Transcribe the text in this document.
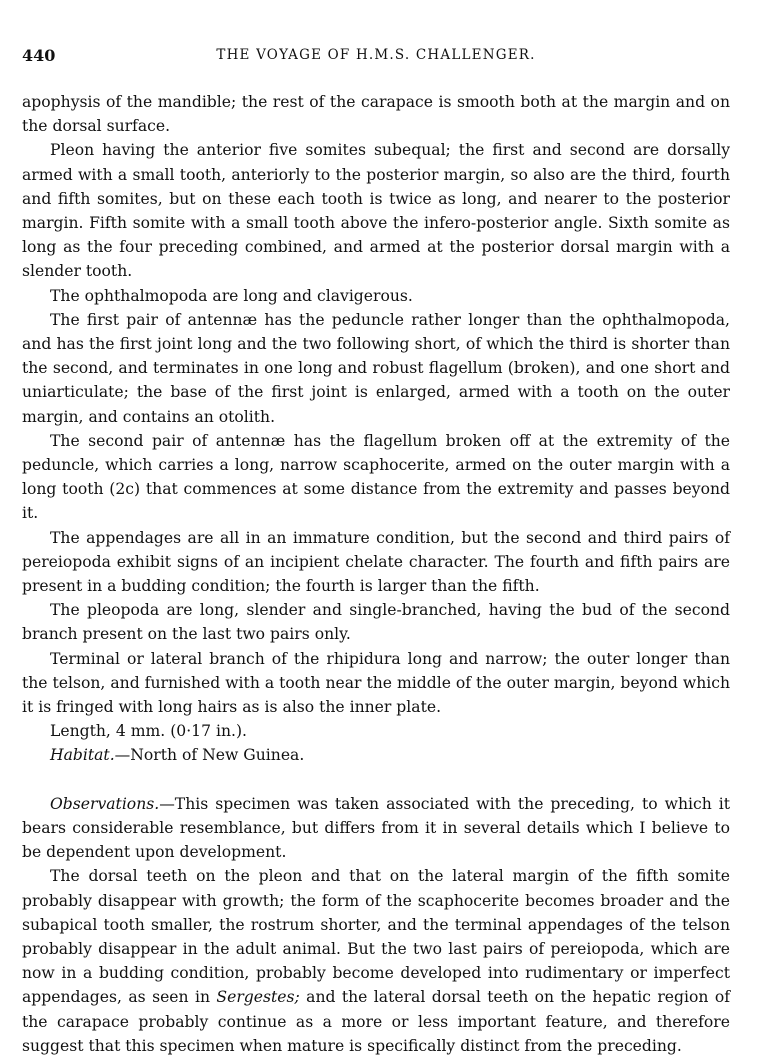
440	THE VOYAGE OF H.M.S. CHALLENGER.

apophysis of the mandible; the rest of the carapace is smooth both at the margin and on the dorsal surface.

Pleon having the anterior five somites subequal; the first and second are dorsally armed with a small tooth, anteriorly to the posterior margin, so also are the third, fourth and fifth somites, but on these each tooth is twice as long, and nearer to the posterior margin. Fifth somite with a small tooth above the infero-posterior angle. Sixth somite as long as the four preceding combined, and armed at the posterior dorsal margin with a slender tooth.

The ophthalmopoda are long and clavigerous.

The first pair of antennæ has the peduncle rather longer than the ophthalmopoda, and has the first joint long and the two following short, of which the third is shorter than the second, and terminates in one long and robust flagellum (broken), and one short and uniarticulate; the base of the first joint is enlarged, armed with a tooth on the outer margin, and contains an otolith.

The second pair of antennæ has the flagellum broken off at the extremity of the peduncle, which carries a long, narrow scaphocerite, armed on the outer margin with a long tooth (2c) that commences at some distance from the extremity and passes beyond it.

The appendages are all in an immature condition, but the second and third pairs of pereiopoda exhibit signs of an incipient chelate character. The fourth and fifth pairs are present in a budding condition; the fourth is larger than the fifth.

The pleopoda are long, slender and single-branched, having the bud of the second branch present on the last two pairs only.

Terminal or lateral branch of the rhipidura long and narrow; the outer longer than the telson, and furnished with a tooth near the middle of the outer margin, beyond which it is fringed with long hairs as is also the inner plate.

Length, 4 mm. (0·17 in.).

Habitat.—North of New Guinea.

Observations.—This specimen was taken associated with the preceding, to which it bears considerable resemblance, but differs from it in several details which I believe to be dependent upon development.

The dorsal teeth on the pleon and that on the lateral margin of the fifth somite probably disappear with growth; the form of the scaphocerite becomes broader and the subapical tooth smaller, the rostrum shorter, and the terminal appendages of the telson probably disappear in the adult animal. But the two last pairs of pereiopoda, which are now in a budding condition, probably become developed into rudimentary or imperfect appendages, as seen in Sergestes; and the lateral dorsal teeth on the hepatic region of the carapace probably continue as a more or less important feature, and therefore suggest that this specimen when mature is specifically distinct from the preceding.
